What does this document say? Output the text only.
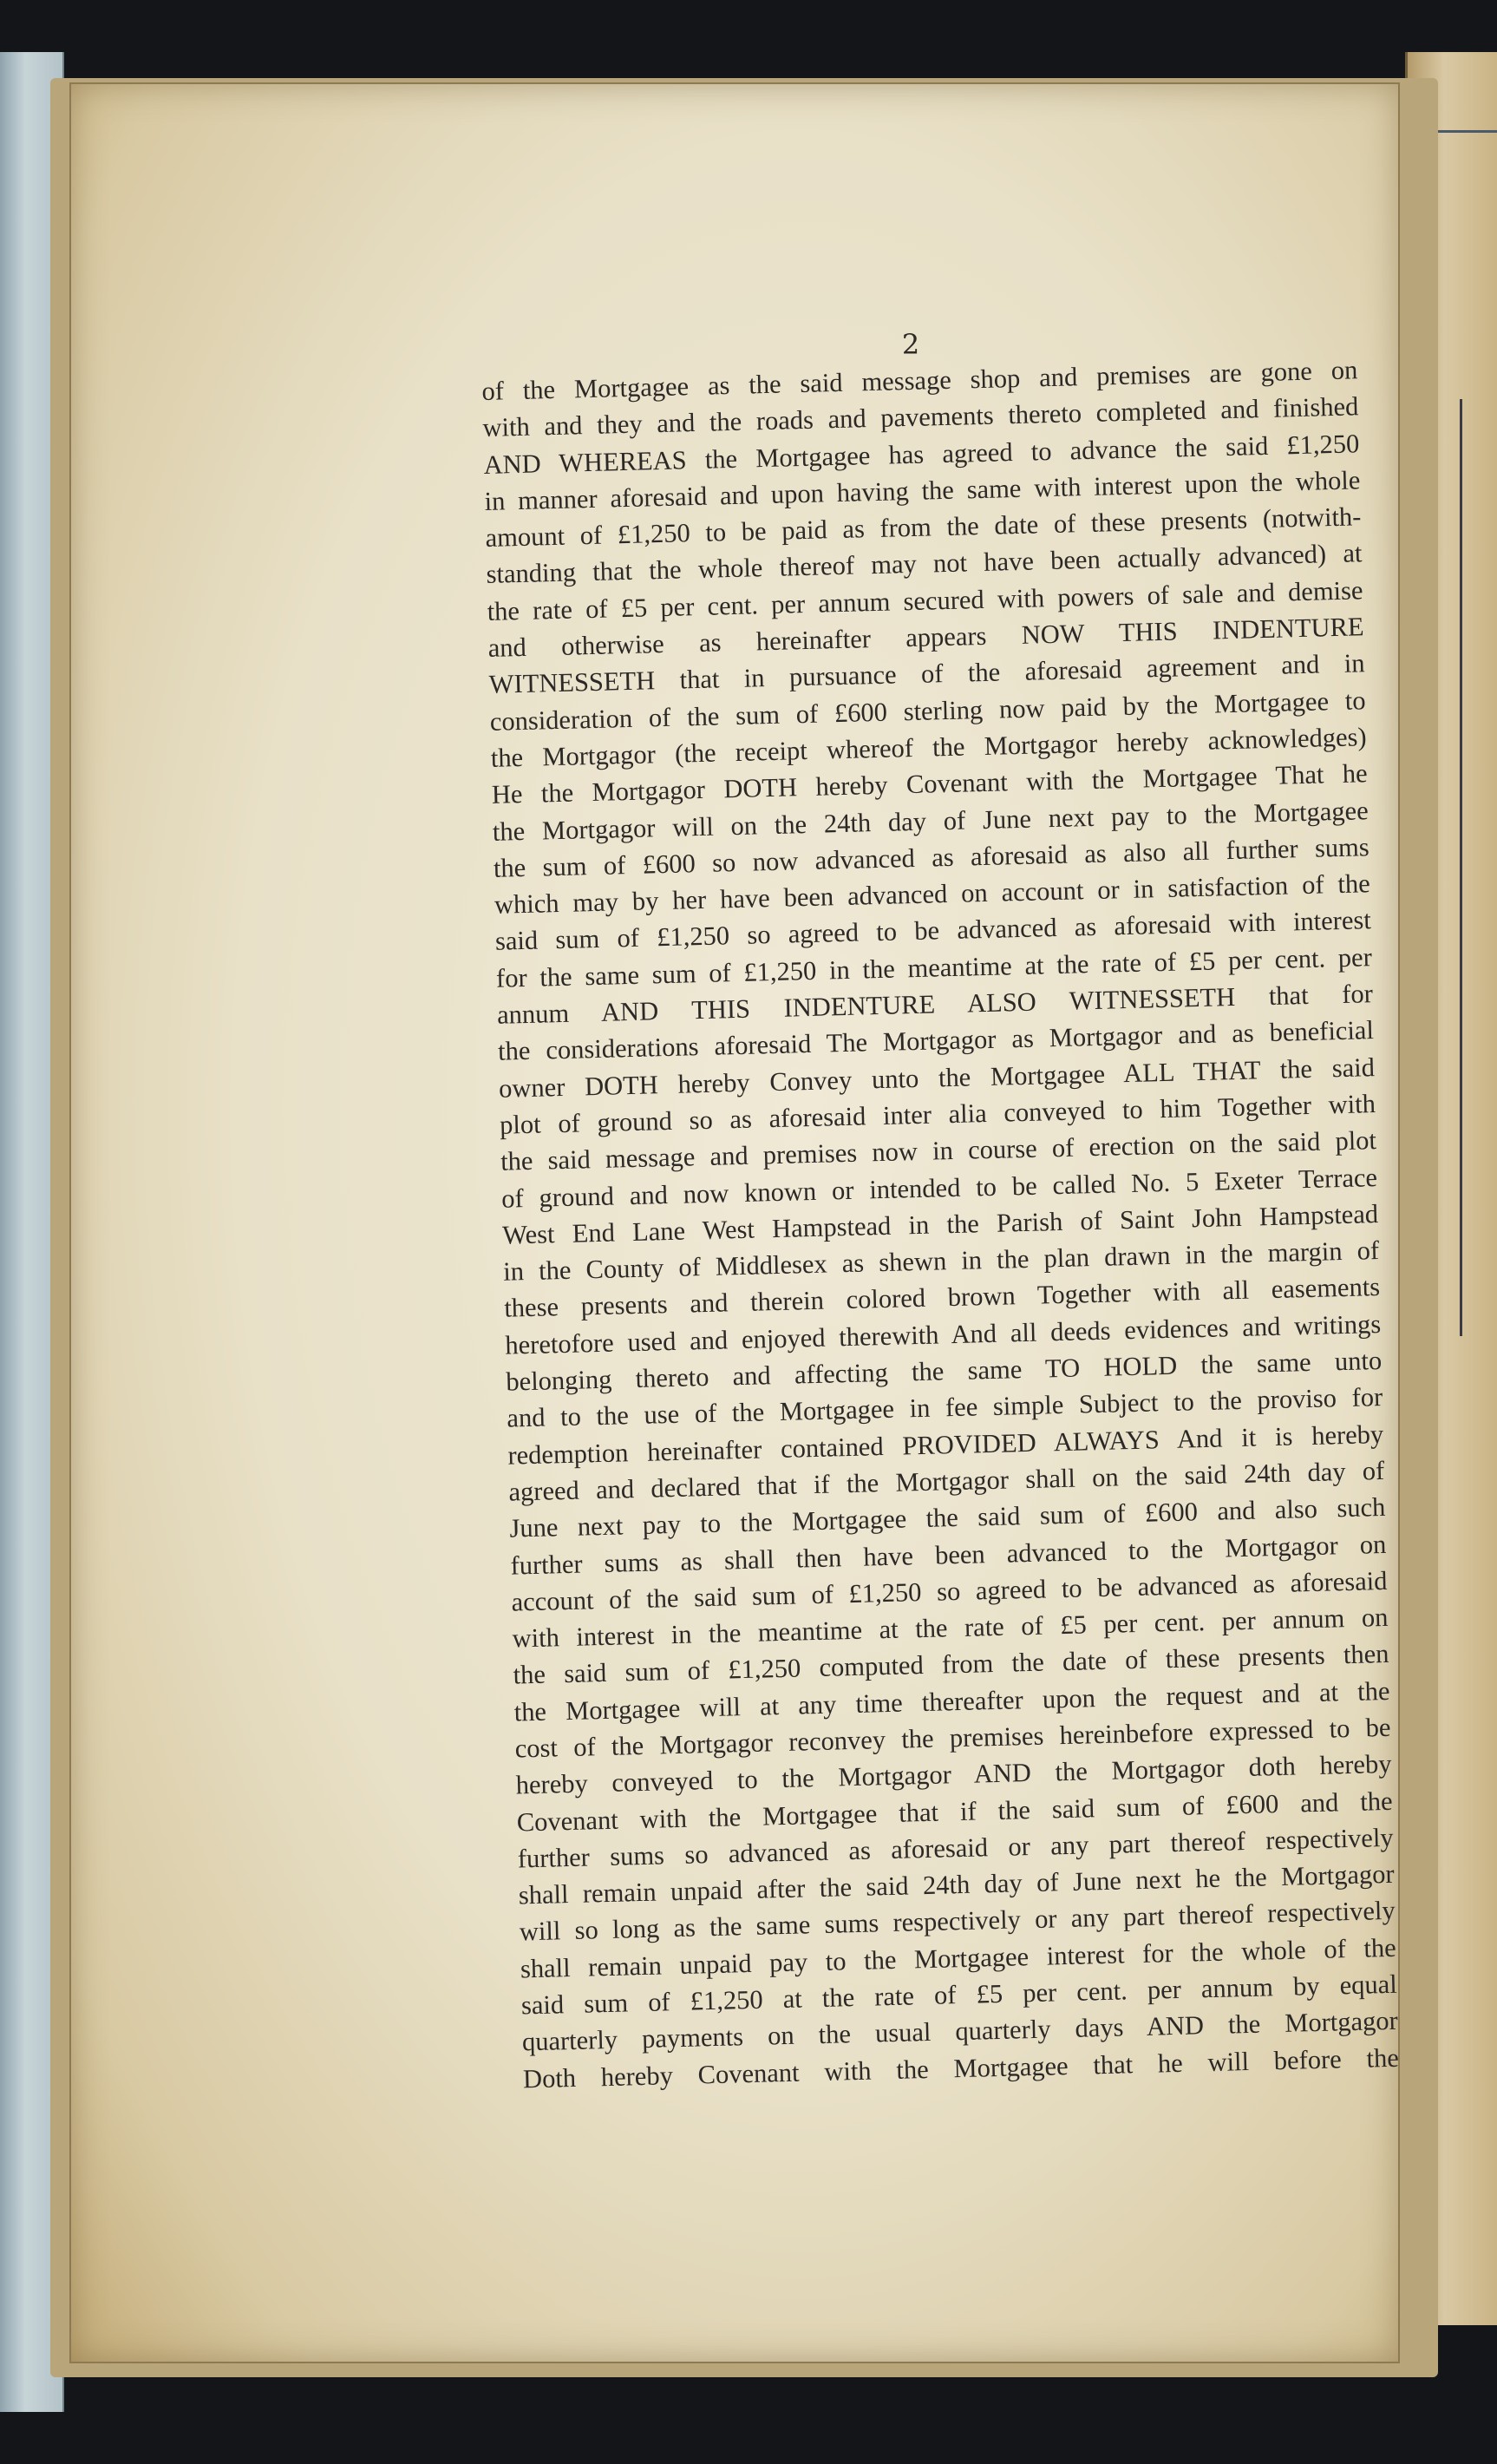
2
of the Mortgagee as the said message shop and premises are gone on
with and they and the roads and pavements thereto completed and finished
AND WHEREAS the Mortgagee has agreed to advance the said £1,250
in manner aforesaid and upon having the same with interest upon the whole
amount of £1,250 to be paid as from the date of these presents (notwith-
standing that the whole thereof may not have been actually advanced) at
the rate of £5 per cent. per annum secured with powers of sale and demise
and otherwise as hereinafter appears NOW THIS INDENTURE
WITNESSETH that in pursuance of the aforesaid agreement and in
consideration of the sum of £600 sterling now paid by the Mortgagee to
the Mortgagor (the receipt whereof the Mortgagor hereby acknowledges)
He the Mortgagor DOTH hereby Covenant with the Mortgagee That he
the Mortgagor will on the 24th day of June next pay to the Mortgagee
the sum of £600 so now advanced as aforesaid as also all further sums
which may by her have been advanced on account or in satisfaction of the
said sum of £1,250 so agreed to be advanced as aforesaid with interest
for the same sum of £1,250 in the meantime at the rate of £5 per cent. per
annum AND THIS INDENTURE ALSO WITNESSETH that for
the considerations aforesaid The Mortgagor as Mortgagor and as beneficial
owner DOTH hereby Convey unto the Mortgagee ALL THAT the said
plot of ground so as aforesaid inter alia conveyed to him Together with
the said message and premises now in course of erection on the said plot
of ground and now known or intended to be called No. 5 Exeter Terrace
West End Lane West Hampstead in the Parish of Saint John Hampstead
in the County of Middlesex as shewn in the plan drawn in the margin of
these presents and therein colored brown Together with all easements
heretofore used and enjoyed therewith And all deeds evidences and writings
belonging thereto and affecting the same TO HOLD the same unto
and to the use of the Mortgagee in fee simple Subject to the proviso for
redemption hereinafter contained PROVIDED ALWAYS And it is hereby
agreed and declared that if the Mortgagor shall on the said 24th day of
June next pay to the Mortgagee the said sum of £600 and also such
further sums as shall then have been advanced to the Mortgagor on
account of the said sum of £1,250 so agreed to be advanced as aforesaid
with interest in the meantime at the rate of £5 per cent. per annum on
the said sum of £1,250 computed from the date of these presents then
the Mortgagee will at any time thereafter upon the request and at the
cost of the Mortgagor reconvey the premises hereinbefore expressed to be
hereby conveyed to the Mortgagor AND the Mortgagor doth hereby
Covenant with the Mortgagee that if the said sum of £600 and the
further sums so advanced as aforesaid or any part thereof respectively
shall remain unpaid after the said 24th day of June next he the Mortgagor
will so long as the same sums respectively or any part thereof respectively
shall remain unpaid pay to the Mortgagee interest for the whole of the
said sum of £1,250 at the rate of £5 per cent. per annum by equal
quarterly payments on the usual quarterly days AND the Mortgagor
Doth hereby Covenant with the Mortgagee that he will before the
